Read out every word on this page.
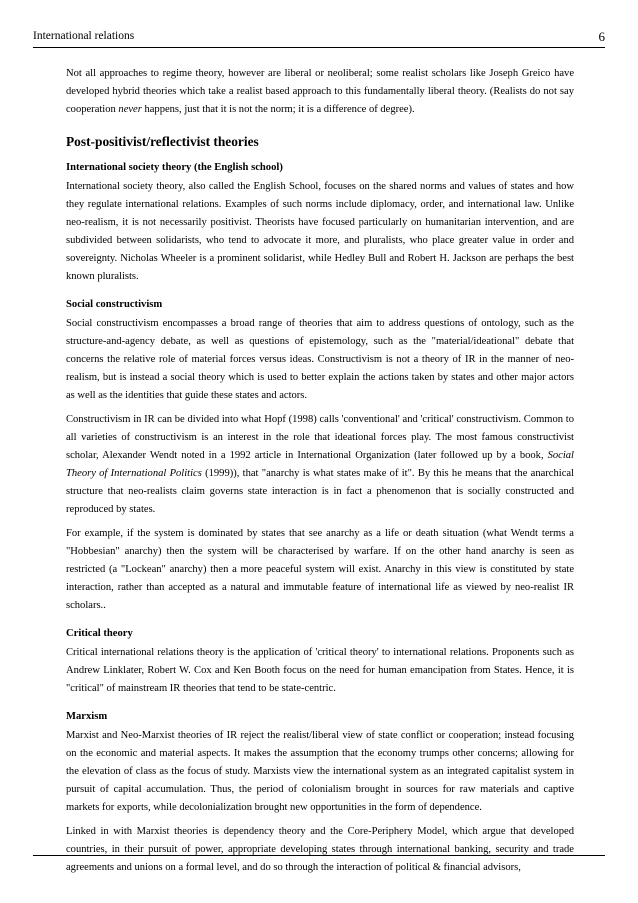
International relations	6

Not all approaches to regime theory, however are liberal or neoliberal; some realist scholars like Joseph Greico have developed hybrid theories which take a realist based approach to this fundamentally liberal theory. (Realists do not say cooperation never happens, just that it is not the norm; it is a difference of degree).

Post-positivist/reflectivist theories
International society theory (the English school)

International society theory, also called the English School, focuses on the shared norms and values of states and how they regulate international relations. Examples of such norms include diplomacy, order, and international law. Unlike neo-realism, it is not necessarily positivist. Theorists have focused particularly on humanitarian intervention, and are subdivided between solidarists, who tend to advocate it more, and pluralists, who place greater value in order and sovereignty. Nicholas Wheeler is a prominent solidarist, while Hedley Bull and Robert H. Jackson are perhaps the best known pluralists.

Social constructivism

Social constructivism encompasses a broad range of theories that aim to address questions of ontology, such as the structure-and-agency debate, as well as questions of epistemology, such as the "material/ideational" debate that concerns the relative role of material forces versus ideas. Constructivism is not a theory of IR in the manner of neo-realism, but is instead a social theory which is used to better explain the actions taken by states and other major actors as well as the identities that guide these states and actors.

Constructivism in IR can be divided into what Hopf (1998) calls 'conventional' and 'critical' constructivism. Common to all varieties of constructivism is an interest in the role that ideational forces play. The most famous constructivist scholar, Alexander Wendt noted in a 1992 article in International Organization (later followed up by a book, Social Theory of International Politics (1999)), that "anarchy is what states make of it". By this he means that the anarchical structure that neo-realists claim governs state interaction is in fact a phenomenon that is socially constructed and reproduced by states.

For example, if the system is dominated by states that see anarchy as a life or death situation (what Wendt terms a "Hobbesian" anarchy) then the system will be characterised by warfare. If on the other hand anarchy is seen as restricted (a "Lockean" anarchy) then a more peaceful system will exist. Anarchy in this view is constituted by state interaction, rather than accepted as a natural and immutable feature of international life as viewed by neo-realist IR scholars..

Critical theory

Critical international relations theory is the application of 'critical theory' to international relations. Proponents such as Andrew Linklater, Robert W. Cox and Ken Booth focus on the need for human emancipation from States. Hence, it is "critical" of mainstream IR theories that tend to be state-centric.

Marxism

Marxist and Neo-Marxist theories of IR reject the realist/liberal view of state conflict or cooperation; instead focusing on the economic and material aspects. It makes the assumption that the economy trumps other concerns; allowing for the elevation of class as the focus of study. Marxists view the international system as an integrated capitalist system in pursuit of capital accumulation. Thus, the period of colonialism brought in sources for raw materials and captive markets for exports, while decolonialization brought new opportunities in the form of dependence.

Linked in with Marxist theories is dependency theory and the Core-Periphery Model, which argue that developed countries, in their pursuit of power, appropriate developing states through international banking, security and trade agreements and unions on a formal level, and do so through the interaction of political & financial advisors,
